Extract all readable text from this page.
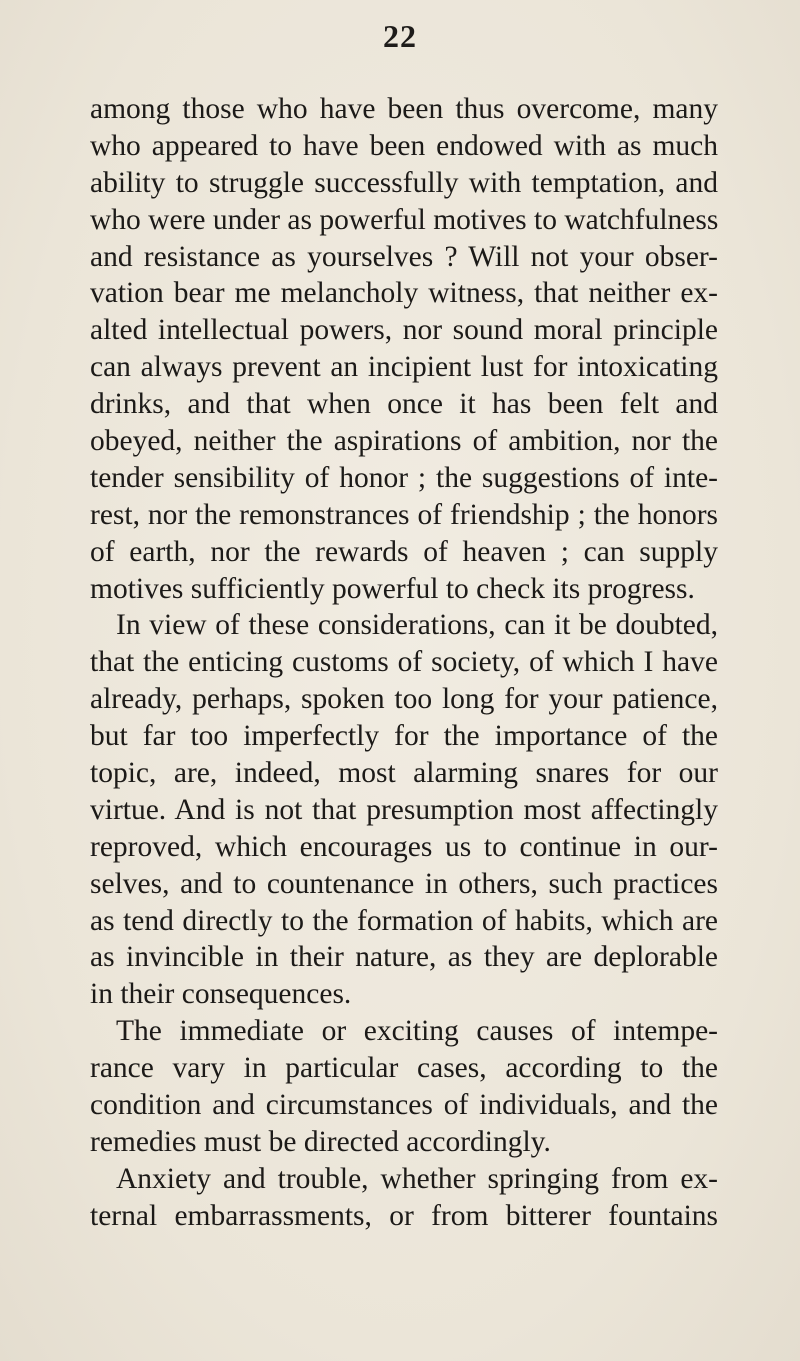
22
among those who have been thus overcome, many
who appeared to have been endowed with as much
ability to struggle successfully with temptation, and
who were under as powerful motives to watchfulness
and resistance as yourselves ? Will not your obser-
vation bear me melancholy witness, that neither ex-
alted intellectual powers, nor sound moral principle
can always prevent an incipient lust for intoxicating
drinks, and that when once it has been felt and
obeyed, neither the aspirations of ambition, nor the
tender sensibility of honor ; the suggestions of inte-
rest, nor the remonstrances of friendship ; the honors
of earth, nor the rewards of heaven ; can supply
motives sufficiently powerful to check its progress.
In view of these considerations, can it be doubted,
that the enticing customs of society, of which I have
already, perhaps, spoken too long for your patience,
but far too imperfectly for the importance of the
topic, are, indeed, most alarming snares for our
virtue. And is not that presumption most affectingly
reproved, which encourages us to continue in our-
selves, and to countenance in others, such practices
as tend directly to the formation of habits, which are
as invincible in their nature, as they are deplorable
in their consequences.
The immediate or exciting causes of intempe-
rance vary in particular cases, according to the
condition and circumstances of individuals, and the
remedies must be directed accordingly.
Anxiety and trouble, whether springing from ex-
ternal embarrassments, or from bitterer fountains
